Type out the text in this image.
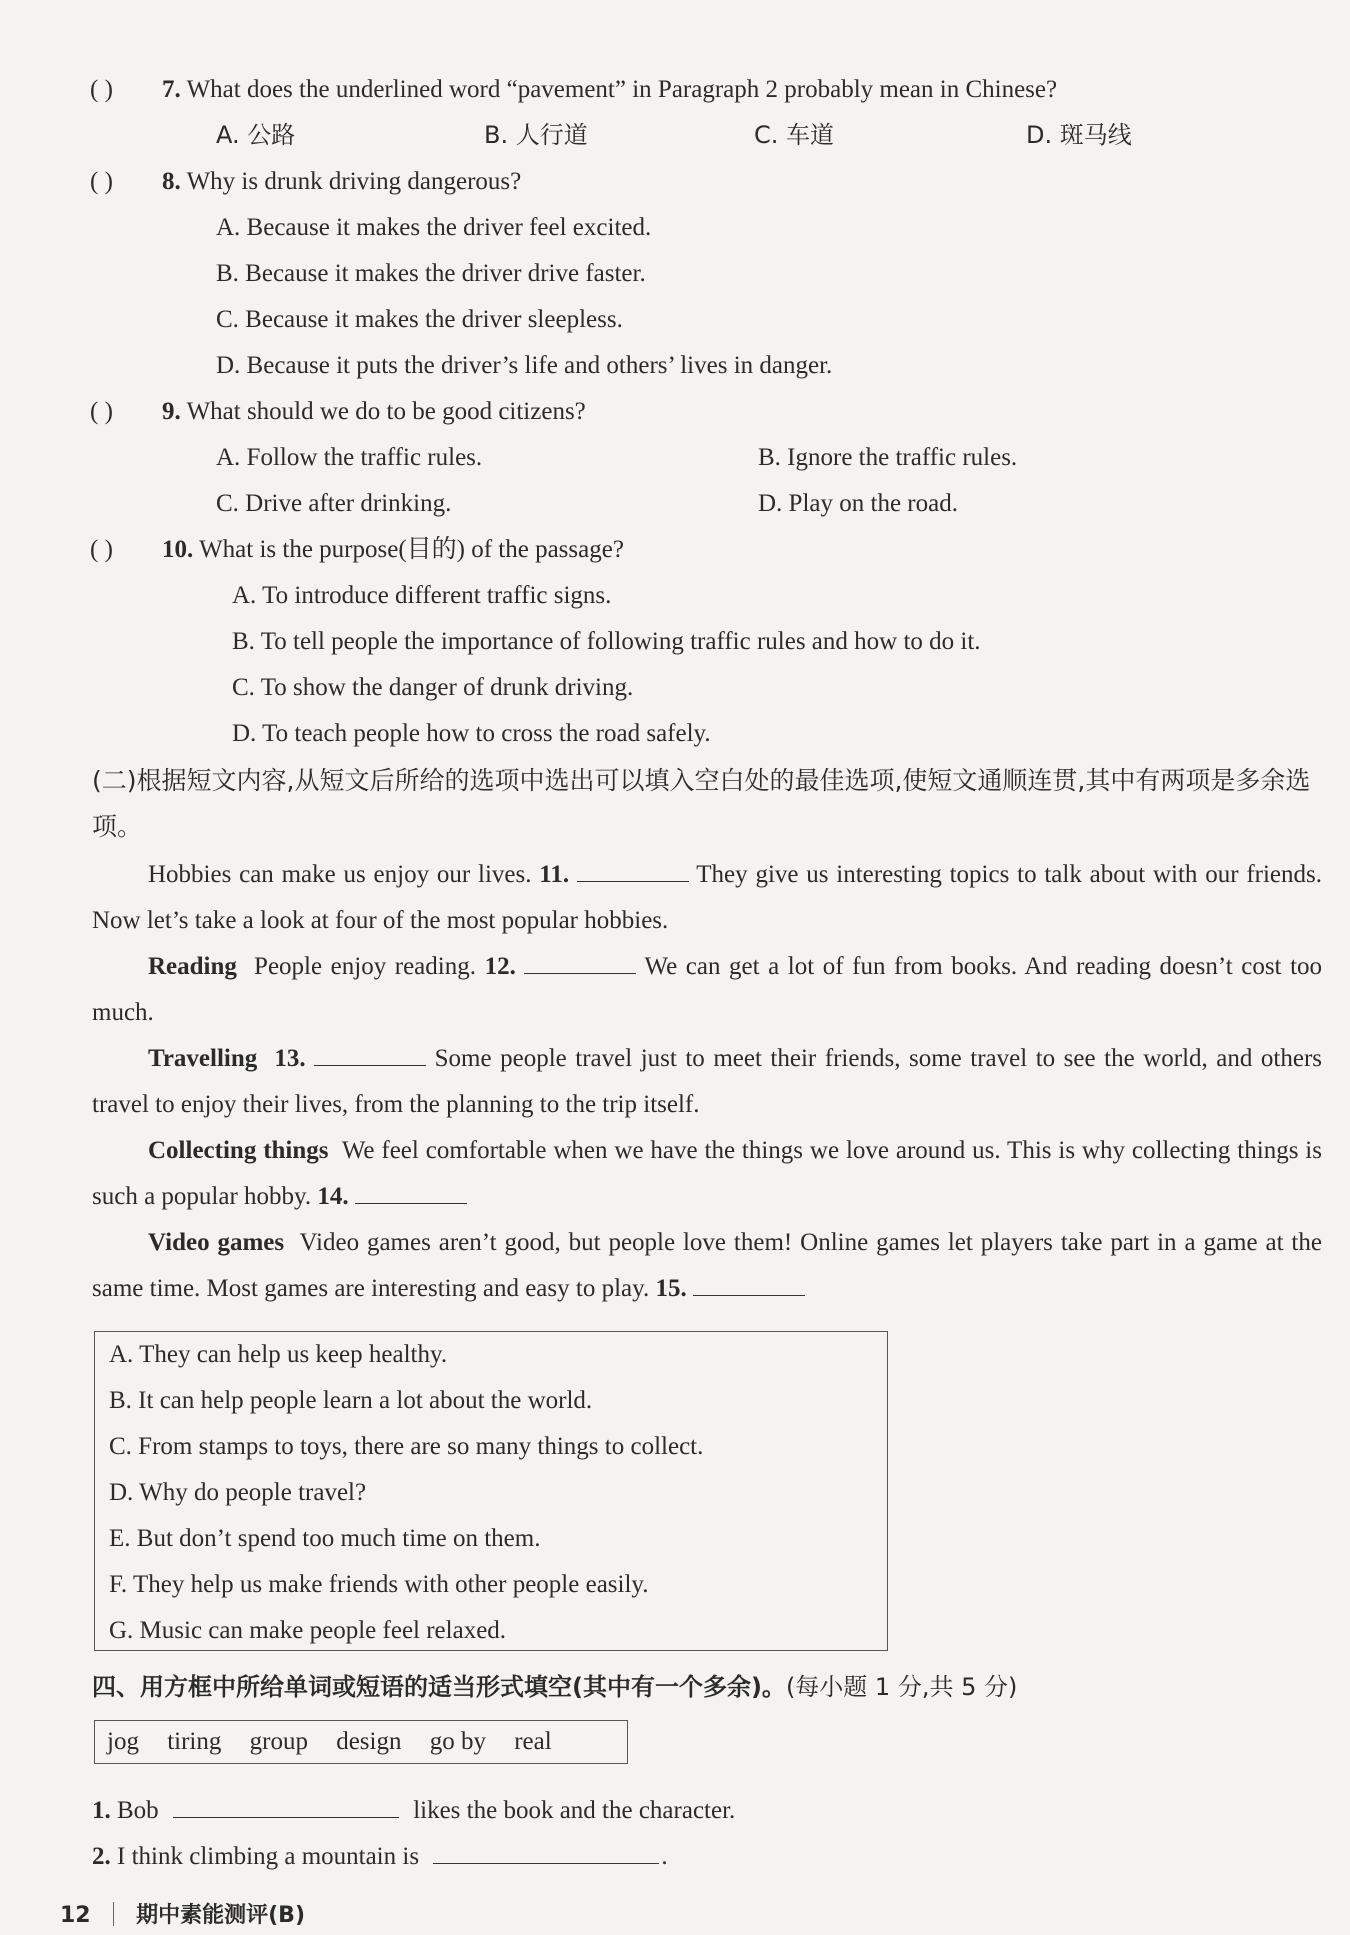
( ) 7. What does the underlined word “pavement” in Paragraph 2 probably mean in Chinese?
A. 公路	B. 人行道	C. 车道	D. 斑马线
( ) 8. Why is drunk driving dangerous?
A. Because it makes the driver feel excited.
B. Because it makes the driver drive faster.
C. Because it makes the driver sleepless.
D. Because it puts the driver’s life and others’ lives in danger.
( ) 9. What should we do to be good citizens?
A. Follow the traffic rules.	B. Ignore the traffic rules.
C. Drive after drinking.	D. Play on the road.
( ) 10. What is the purpose(目的) of the passage?
A. To introduce different traffic signs.
B. To tell people the importance of following traffic rules and how to do it.
C. To show the danger of drunk driving.
D. To teach people how to cross the road safely.
(二)根据短文内容,从短文后所给的选项中选出可以填入空白处的最佳选项,使短文通顺连贯,其中有两项是多余选项。
Hobbies can make us enjoy our lives. 11.	They give us interesting topics to talk about with our friends. Now let’s take a look at four of the most popular hobbies.
Reading People enjoy reading. 12.	We can get a lot of fun from books. And reading doesn’t cost too much.
Travelling 13.	Some people travel just to meet their friends, some travel to see the world, and others travel to enjoy their lives, from the planning to the trip itself.
Collecting things We feel comfortable when we have the things we love around us. This is why collecting things is such a popular hobby. 14.
Video games Video games aren’t good, but people love them! Online games let players take part in a game at the same time. Most games are interesting and easy to play. 15.
A. They can help us keep healthy.
B. It can help people learn a lot about the world.
C. From stamps to toys, there are so many things to collect.
D. Why do people travel?
E. But don’t spend too much time on them.
F. They help us make friends with other people easily.
G. Music can make people feel relaxed.
四、用方框中所给单词或短语的适当形式填空(其中有一个多余)。(每小题 1 分,共 5 分)
jog tiring group design go by real
1. Bob	likes the book and the character.
2. I think climbing a mountain is	.
12 期中素能测评(B)
